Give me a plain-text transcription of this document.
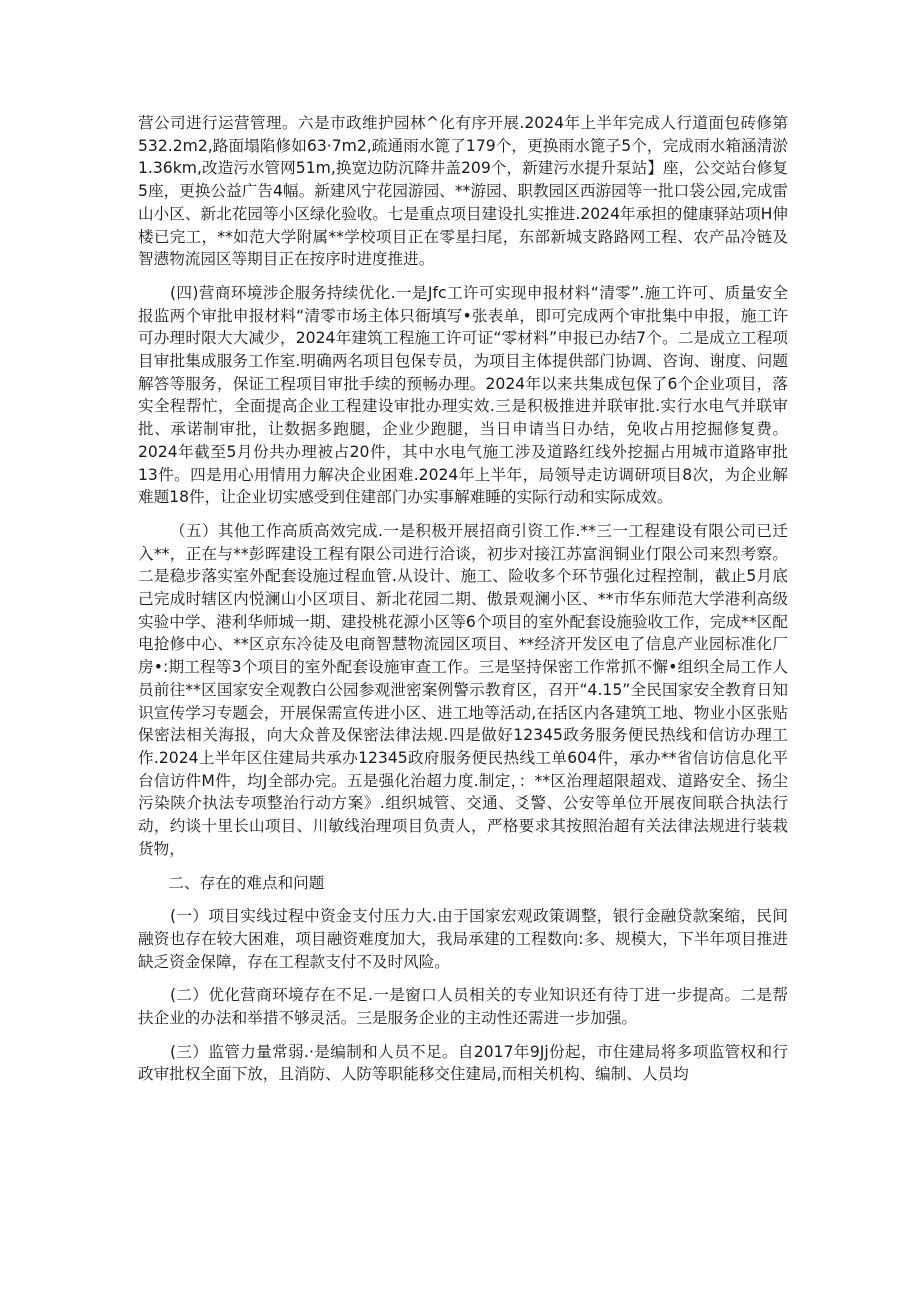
营公司进行运营管理。六是市政维护园林^化有序开展.2024年上半年完成人行道面包砖修第532.2m2,路面塌陷修如63·7m2,疏通雨水篦了179个，更换雨水篦子5个，完成雨水箱涵清淤1.36km,改造污水管网51m,换宽边防沉降井盖209个，新建污水提升泵站】座，公交站台修复5座，更换公益广告4幅。新建风宁花园游园、**游园、职教园区西游园等一批口袋公园,完成雷山小区、新北花园等小区绿化验收。七是重点项目建设扎实推进.2024年承担的健康驿站项H伸楼已完工，**如范大学附属**学校项目正在零星扫尾，东部新城支路路网工程、农产品冷链及智懑物流园区等期目正在按序时进度推进。

(四)营商环境涉企服务持续优化.一是Jfc工许可实现申报材料“清零”.施工许可、质量安全报监两个审批申报材料“清零市场主体只衙填写•张表单，即可完成两个审批集中申报，施工许可办理时限大大减少，2024年建筑工程施工许可证“零材料”申报已办结7个。二是成立工程项目审批集成服务工作室.明确两名项目包保专员，为项目主体提供部门协调、咨询、谢度、问题解答等服务，保证工程项目审批手续的预畅办理。2024年以来共集成包保了6个企业项目，落实全程帮忙，全面提高企业工程建设审批办理实效.三是积极推进并联审批.实行水电气并联审批、承诺制审批，让数据多跑腿，企业少跑腿，当日申请当日办结，免收占用挖掘修复费。2024年截至5月份共办理被占20件，其中水电气施工涉及道路红线外挖掘占用城市道路审批13件。四是用心用情用力解决企业困难.2024年上半年，局领导走访调研项目8次，为企业解难题18件，让企业切实感受到住建部门办实事解难睡的实际行动和实际成效。

（五）其他工作高质高效完成.一是积极开展招商引资工作.**三一工程建设有限公司已迁入**，正在与**彭晖建设工程有限公司进行洽谈，初步对接江苏富润铜业仃限公司来烈考察。二是稳步落实室外配套设施过程血管.从设计、施工、险收多个环节强化过程控制，截止5月底己完成时辖区内悦澜山小区项目、新北花园二期、傲景观澜小区、**市华东师范大学港利高级实验中学、港利华师城一期、建投桃花源小区等6个项目的室外配套设施验收工作，完成**区配电抢修中心、**区京东冷徒及电商智慧物流园区项目、**经济开发区电了信息产业园标准化厂房•:期工程等3个项目的室外配套设施审查工作。三是坚持保密工作常抓不懈•组织全局工作人员前往**区国家安全观教白公园参观泄密案例警示教育区，召开“4.15”全民国家安全教育日知识宣传学习专题会，开展保需宣传进小区、进工地等活动,在括区内各建筑工地、物业小区张贴保密法相关海报，向大众普及保密法律法规.四是做好12345政务服务便民热线和信访办理工作.2024上半年区住建局共承办12345政府服务便民热线工单604件，承办**省信访信息化平台信访件M件，均J全部办完。五是强化治超力度.制定，：**区治理超限超戏、道路安全、扬尘污染陕介执法专项整治行动方案》.组织城管、交通、爻警、公安等单位开展夜间联合执法行动，约谈十里长山项目、川敏线治理项目负责人，严格要求其按照治超有关法律法规进行装栽货物，

二、存在的难点和问题

(一）项目实线过程中资金支付压力大.由于国家宏观政策调整，银行金融贷款案缩，民间融资也存在较大困难，项目融资难度加大，我局承建的工程数向:多、规模大，下半年项目推进缺乏资金保障，存在工程款支付不及时风险。

(二）优化营商环境存在不足.一是窗口人员相关的专业知识还有待丁进一步提高。二是帮扶企业的办法和举措不够灵活。三是服务企业的主动性还需进一步加强。

(三）监管力量常弱.·是编制和人员不足。自2017年9Jj份起，市住建局将多项监管权和行政审批权全面下放，且消防、人防等职能移交住建局,而相关机构、编制、人员均
